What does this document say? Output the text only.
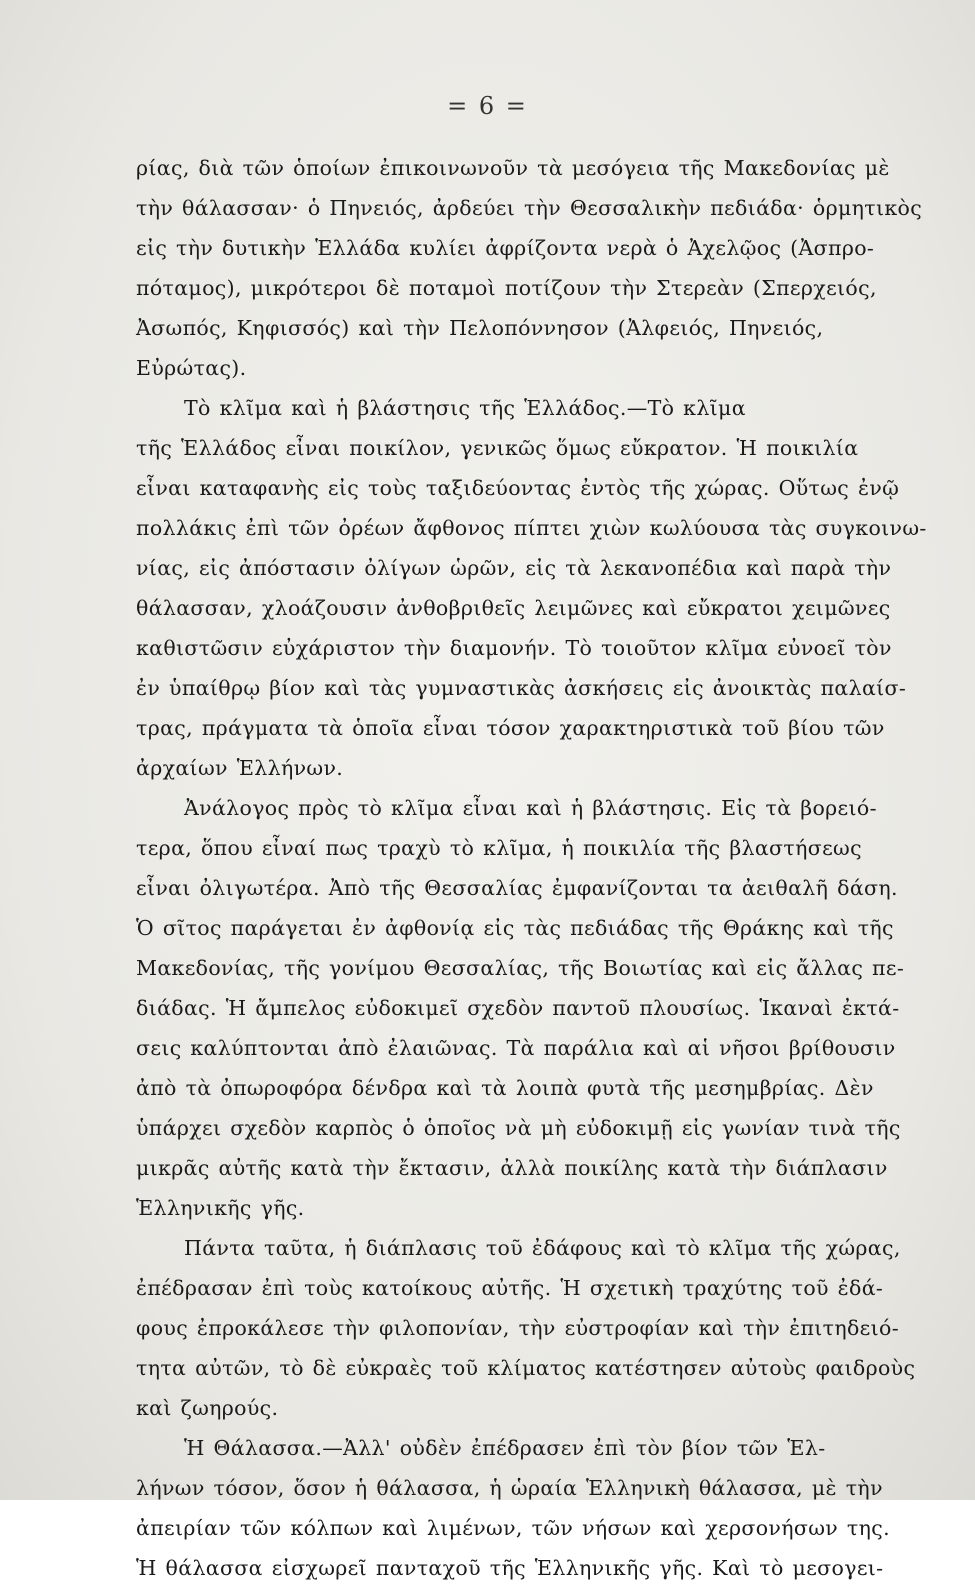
= 6 =
ρίας, διὰ τῶν ὁποίων ἐπικοινωνοῦν τὰ μεσόγεια τῆς Μακεδονίας μὲ
τὴν θάλασσαν· ὁ Πηνειός, ἀρδεύει τὴν Θεσσαλικὴν πεδιάδα· ὁρμητικὸς
εἰς τὴν δυτικὴν Ἑλλάδα κυλίει ἀφρίζοντα νερὰ ὁ Ἀχελῷος (Ἀσπρο-
πόταμος), μικρότεροι δὲ ποταμοὶ ποτίζουν τὴν Στερεὰν (Σπερχειός,
Ἀσωπός, Κηφισσός) καὶ τὴν Πελοπόννησον (Ἀλφειός, Πηνειός,
Εὐρώτας).
Τὸ κλῖμα καὶ ἡ βλάστησις τῆς Ἑλλάδος.—Τὸ κλῖμα
τῆς Ἑλλάδος εἶναι ποικίλον, γενικῶς ὅμως εὔκρατον. Ἡ ποικιλία
εἶναι καταφανὴς εἰς τοὺς ταξιδεύοντας ἐντὸς τῆς χώρας. Οὕτως ἐνῷ
πολλάκις ἐπὶ τῶν ὀρέων ἄφθονος πίπτει χιὼν κωλύουσα τὰς συγκοινω-
νίας, εἰς ἀπόστασιν ὀλίγων ὡρῶν, εἰς τὰ λεκανοπέδια καὶ παρὰ τὴν
θάλασσαν, χλοάζουσιν ἀνθοβριθεῖς λειμῶνες καὶ εὔκρατοι χειμῶνες
καθιστῶσιν εὐχάριστον τὴν διαμονήν. Τὸ τοιοῦτον κλῖμα εὐνοεῖ τὸν
ἐν ὑπαίθρῳ βίον καὶ τὰς γυμναστικὰς ἀσκήσεις εἰς ἀνοικτὰς παλαίσ-
τρας, πράγματα τὰ ὁποῖα εἶναι τόσον χαρακτηριστικὰ τοῦ βίου τῶν
ἀρχαίων Ἑλλήνων.
Ἀνάλογος πρὸς τὸ κλῖμα εἶναι καὶ ἡ βλάστησις. Εἰς τὰ βορειό-
τερα, ὅπου εἶναί πως τραχὺ τὸ κλῖμα, ἡ ποικιλία τῆς βλαστήσεως
εἶναι ὀλιγωτέρα. Ἀπὸ τῆς Θεσσαλίας ἐμφανίζονται τα ἀειθαλῆ δάση.
Ὁ σῖτος παράγεται ἐν ἀφθονίᾳ εἰς τὰς πεδιάδας τῆς Θράκης καὶ τῆς
Μακεδονίας, τῆς γονίμου Θεσσαλίας, τῆς Βοιωτίας καὶ εἰς ἄλλας πε-
διάδας. Ἡ ἄμπελος εὐδοκιμεῖ σχεδὸν παντοῦ πλουσίως. Ἱκαναὶ ἐκτά-
σεις καλύπτονται ἀπὸ ἐλαιῶνας. Τὰ παράλια καὶ αἱ νῆσοι βρίθουσιν
ἀπὸ τὰ ὀπωροφόρα δένδρα καὶ τὰ λοιπὰ φυτὰ τῆς μεσημβρίας. Δὲν
ὑπάρχει σχεδὸν καρπὸς ὁ ὁποῖος νὰ μὴ εὐδοκιμῇ εἰς γωνίαν τινὰ τῆς
μικρᾶς αὐτῆς κατὰ τὴν ἔκτασιν, ἀλλὰ ποικίλης κατὰ τὴν διάπλασιν
Ἑλληνικῆς γῆς.
Πάντα ταῦτα, ἡ διάπλασις τοῦ ἐδάφους καὶ τὸ κλῖμα τῆς χώρας,
ἐπέδρασαν ἐπὶ τοὺς κατοίκους αὐτῆς. Ἡ σχετικὴ τραχύτης τοῦ ἐδά-
φους ἐπροκάλεσε τὴν φιλοπονίαν, τὴν εὐστροφίαν καὶ τὴν ἐπιτηδειό-
τητα αὐτῶν, τὸ δὲ εὐκραὲς τοῦ κλίματος κατέστησεν αὐτοὺς φαιδροὺς
καὶ ζωηρούς.
Ἡ Θάλασσα.—Ἀλλ' οὐδὲν ἐπέδρασεν ἐπὶ τὸν βίον τῶν Ἑλ-
λήνων τόσον, ὅσον ἡ θάλασσα, ἡ ὡραία Ἑλληνικὴ θάλασσα, μὲ τὴν
ἀπειρίαν τῶν κόλπων καὶ λιμένων, τῶν νήσων καὶ χερσονήσων της.
Ἡ θάλασσα εἰσχωρεῖ πανταχοῦ τῆς Ἑλληνικῆς γῆς. Καὶ τὸ μεσογει-
